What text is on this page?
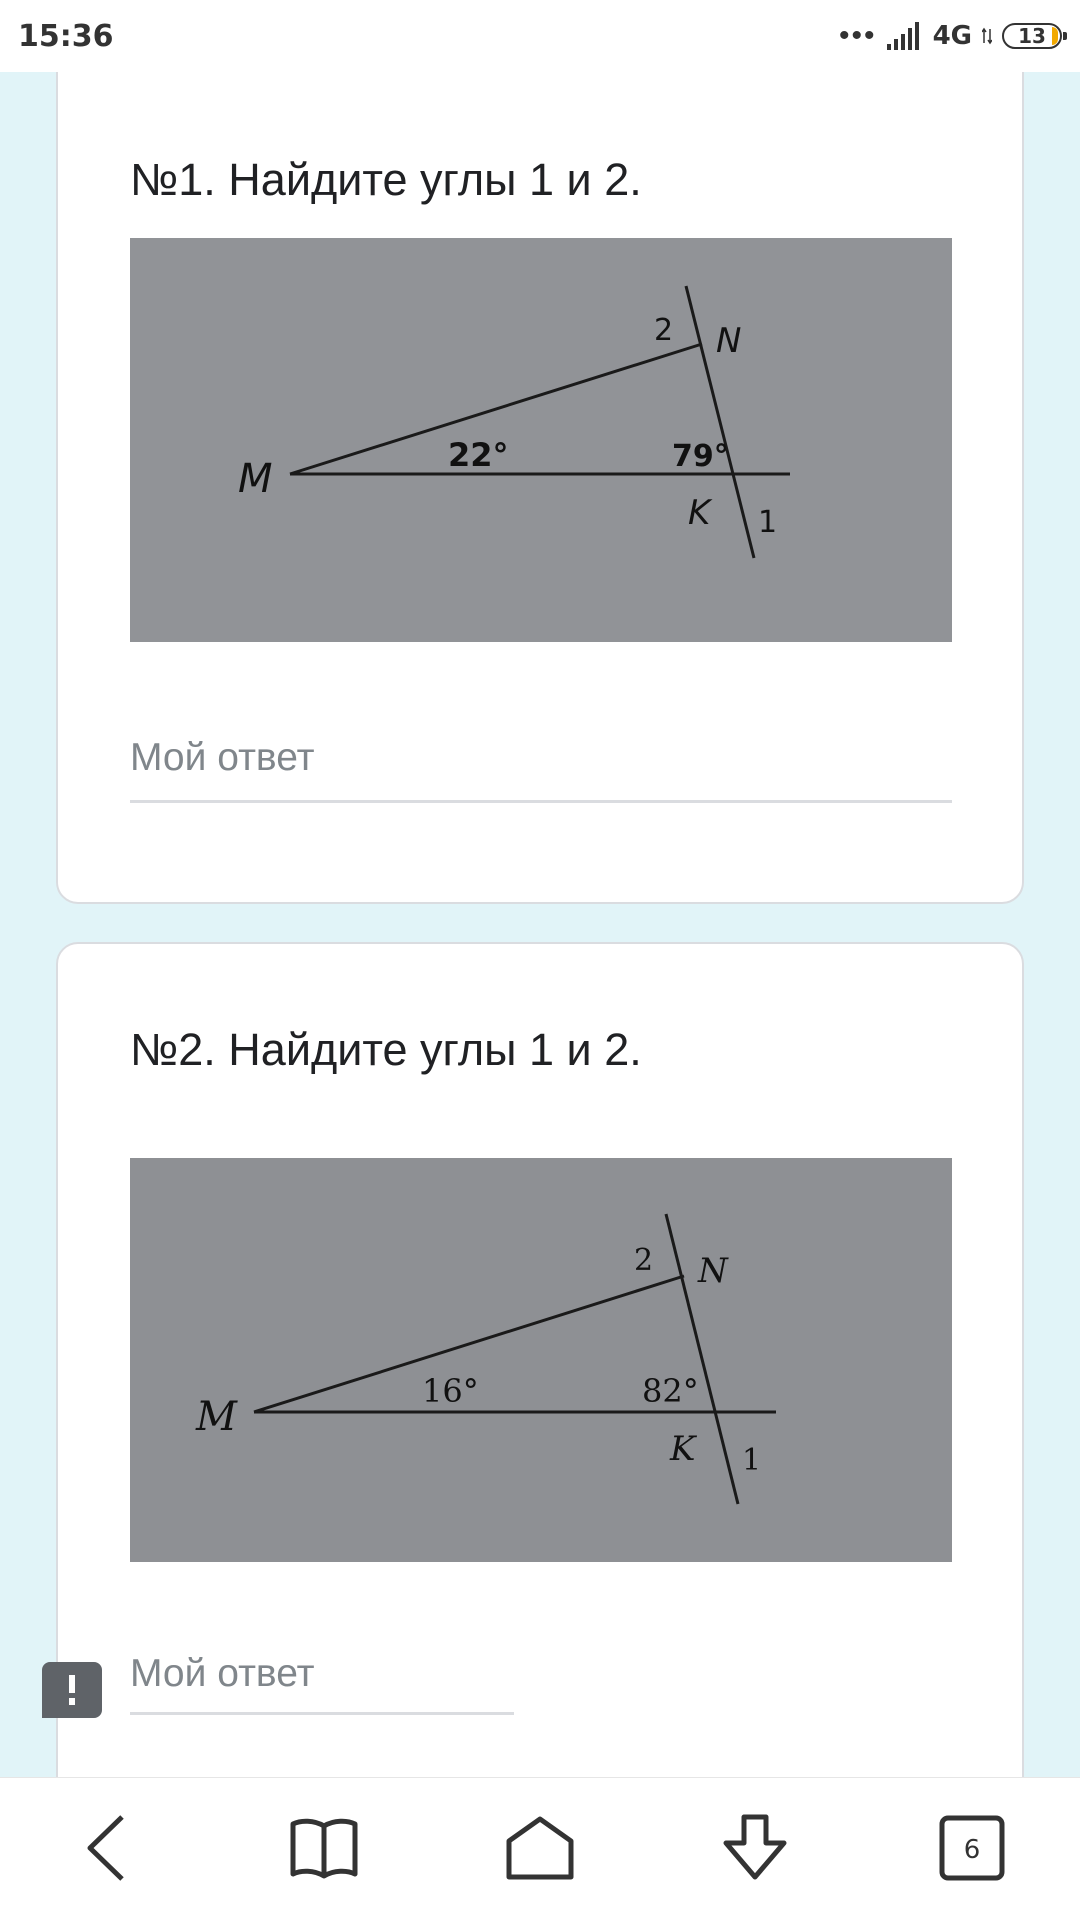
15:36	••• 4G 13
№1. Найдите углы 1 и 2.
M
N
K
22°	79°
1
2
Мой ответ
№2. Найдите углы 1 и 2.
M
N
K
16°	82°
1
2
Мой ответ
6
